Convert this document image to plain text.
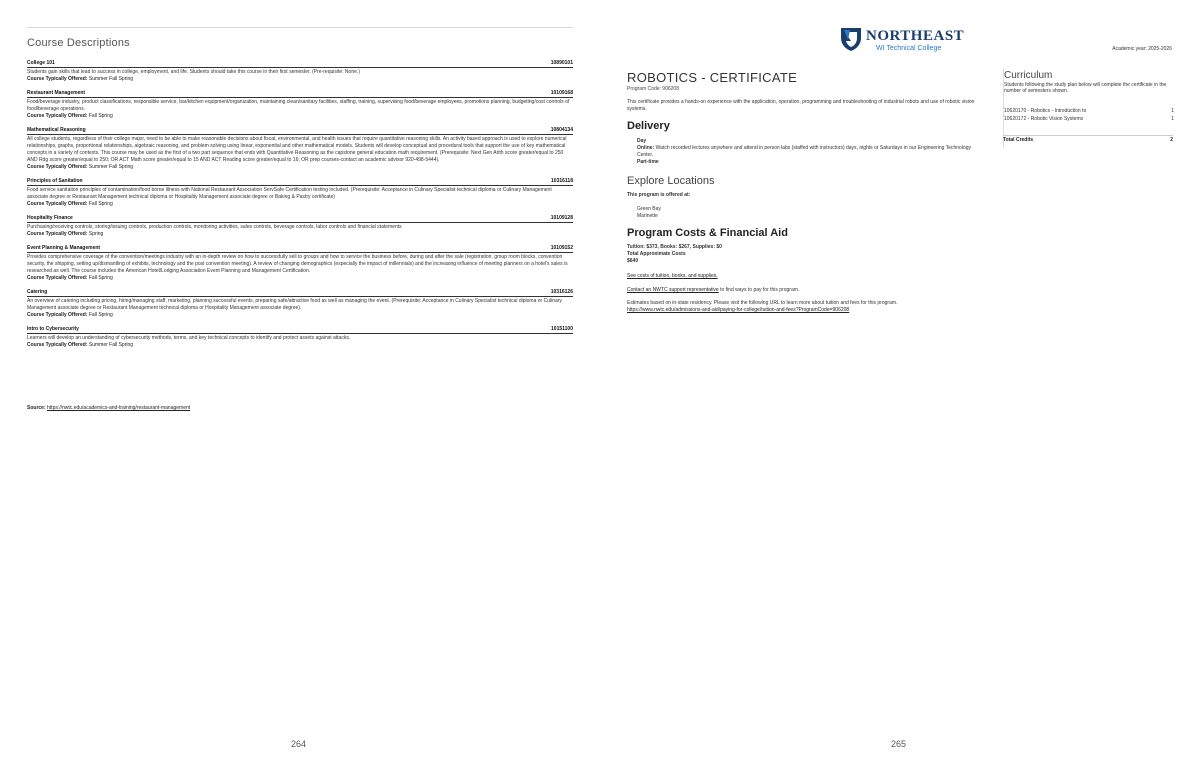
Course Descriptions
College 101	10890101
Students gain skills that lead to success in college, employment, and life. Students should take this course in their first semester. (Pre-requisite: None.)
Course Typically Offered: Summer Fall Spring
Restaurant Management	10109168
Food/beverage industry, product classifications, responsible service, bar/kitchen equipment/organization, maintaining clean/sanitary facilities, staffing, training, supervising food/beverage employees, promotions planning, budgeting/cost controls of food/beverage operations.
Course Typically Offered: Fall Spring
Mathematical Reasoning	10804134
All college students, regardless of their college major, need to be able to make reasonable decisions about fiscal, environmental, and health issues that require quantitative reasoning skills. An activity based approach is used to explore numerical relationships, graphs, proportional relationships, algebraic reasoning, and problem solving using linear, exponential and other mathematical models. Students will develop conceptual and procedural tools that support the use of key mathematical concepts in a variety of contexts. This course may be used as the first of a two part sequence that ends with Quantitative Reasoning as the capstone general education math requirement. (Prerequisite: Next Gen Arith score greater/equal to 250 AND Rdg score greater/equal to 250; OR ACT Math score greater/equal to 15 AND ACT Reading score greater/equal to 16; OR prep courses-contact an academic advisor 920-498-5444).
Course Typically Offered: Summer Fall Spring
Principles of Sanitation	10316118
Food service sanitation principles of contamination/food borne illness with National Restaurant Association ServSafe Certification testing included. (Prerequisite: Acceptance in Culinary Specialist technical diploma or Culinary Management associate degree or Restaurant Management technical diploma or Hospitality Management associate degree or Baking & Pastry certificate)
Course Typically Offered: Fall Spring
Hospitality Finance	10109128
Purchasing/receiving controls, storing/issuing controls, production controls, monitoring activities, sales controls, beverage controls, labor controls and financial statements
Course Typically Offered: Spring
Event Planning & Management	10109152
Provides comprehensive coverage of the convention/meetings industry with an in-depth review on how to successfully sell to groups and how to service the business before, during and after the sale (registration, group room blocks, convention security, the shipping, setting up/dismantling of exhibits, technology and the post convention meeting). A review of changing demographics (especially the impact of millennials) and the increasing influence of meeting planners on a hotel's sales is researched as well. The course includes the American Hotel/Lodging Association Event Planning and Management Certification.
Course Typically Offered: Fall Spring
Catering	10316126
An overview of catering including pricing, hiring/managing staff, marketing, planning successful events, preparing safe/attractive food as well as managing the event. (Prerequisite: Acceptance in Culinary Specialist technical diploma or Culinary Management associate degree or Restaurant Management technical diploma or Hospitality Management associate degree).
Course Typically Offered: Fall Spring
Intro to Cybersecurity	10151100
Learners will develop an understanding of cybersecurity methods, terms, and key technical concepts to identify and protect assets against attacks.
Course Typically Offered: Summer Fall Spring
Source: https://nwtc.edu/academics-and-training/restaurant-management
264
NORTHEAST
WI Technical College	Academic year: 2025-2026
ROBOTICS - CERTIFICATE
Program Code: 906208
This certificate provides a hands-on experience with the application, operation, programming and troubleshooting of industrial robots and use of robotic vision systems.
Delivery
Day
Online: Watch recorded lectures anywhere and attend in person labs (staffed with instructors) days, nights or Saturdays in our Engineering Technology Center.
Part-time
Explore Locations
This program is offered at:
Green Bay
Marinette
Program Costs & Financial Aid
Tuition: $373, Books: $267, Supplies: $0
Total Approximate Costs
$640
See costs of tuition, books, and supplies.
Contact an NWTC support representative to find ways to pay for this program.
Estimates based on in-state residency. Please visit the following URL to learn more about tuition and fees for this program.
https://www.nwtc.edu/admissions-and-aid/paying-for-college/tuition-and-fees?ProgramCode=906208
Curriculum
Students following the study plan below will complete the certificate in the number of semesters shown.
10620170 - Robotics - Introduction to	1
10620172 - Robotic Vision Systems	1
Total Credits	2
265
